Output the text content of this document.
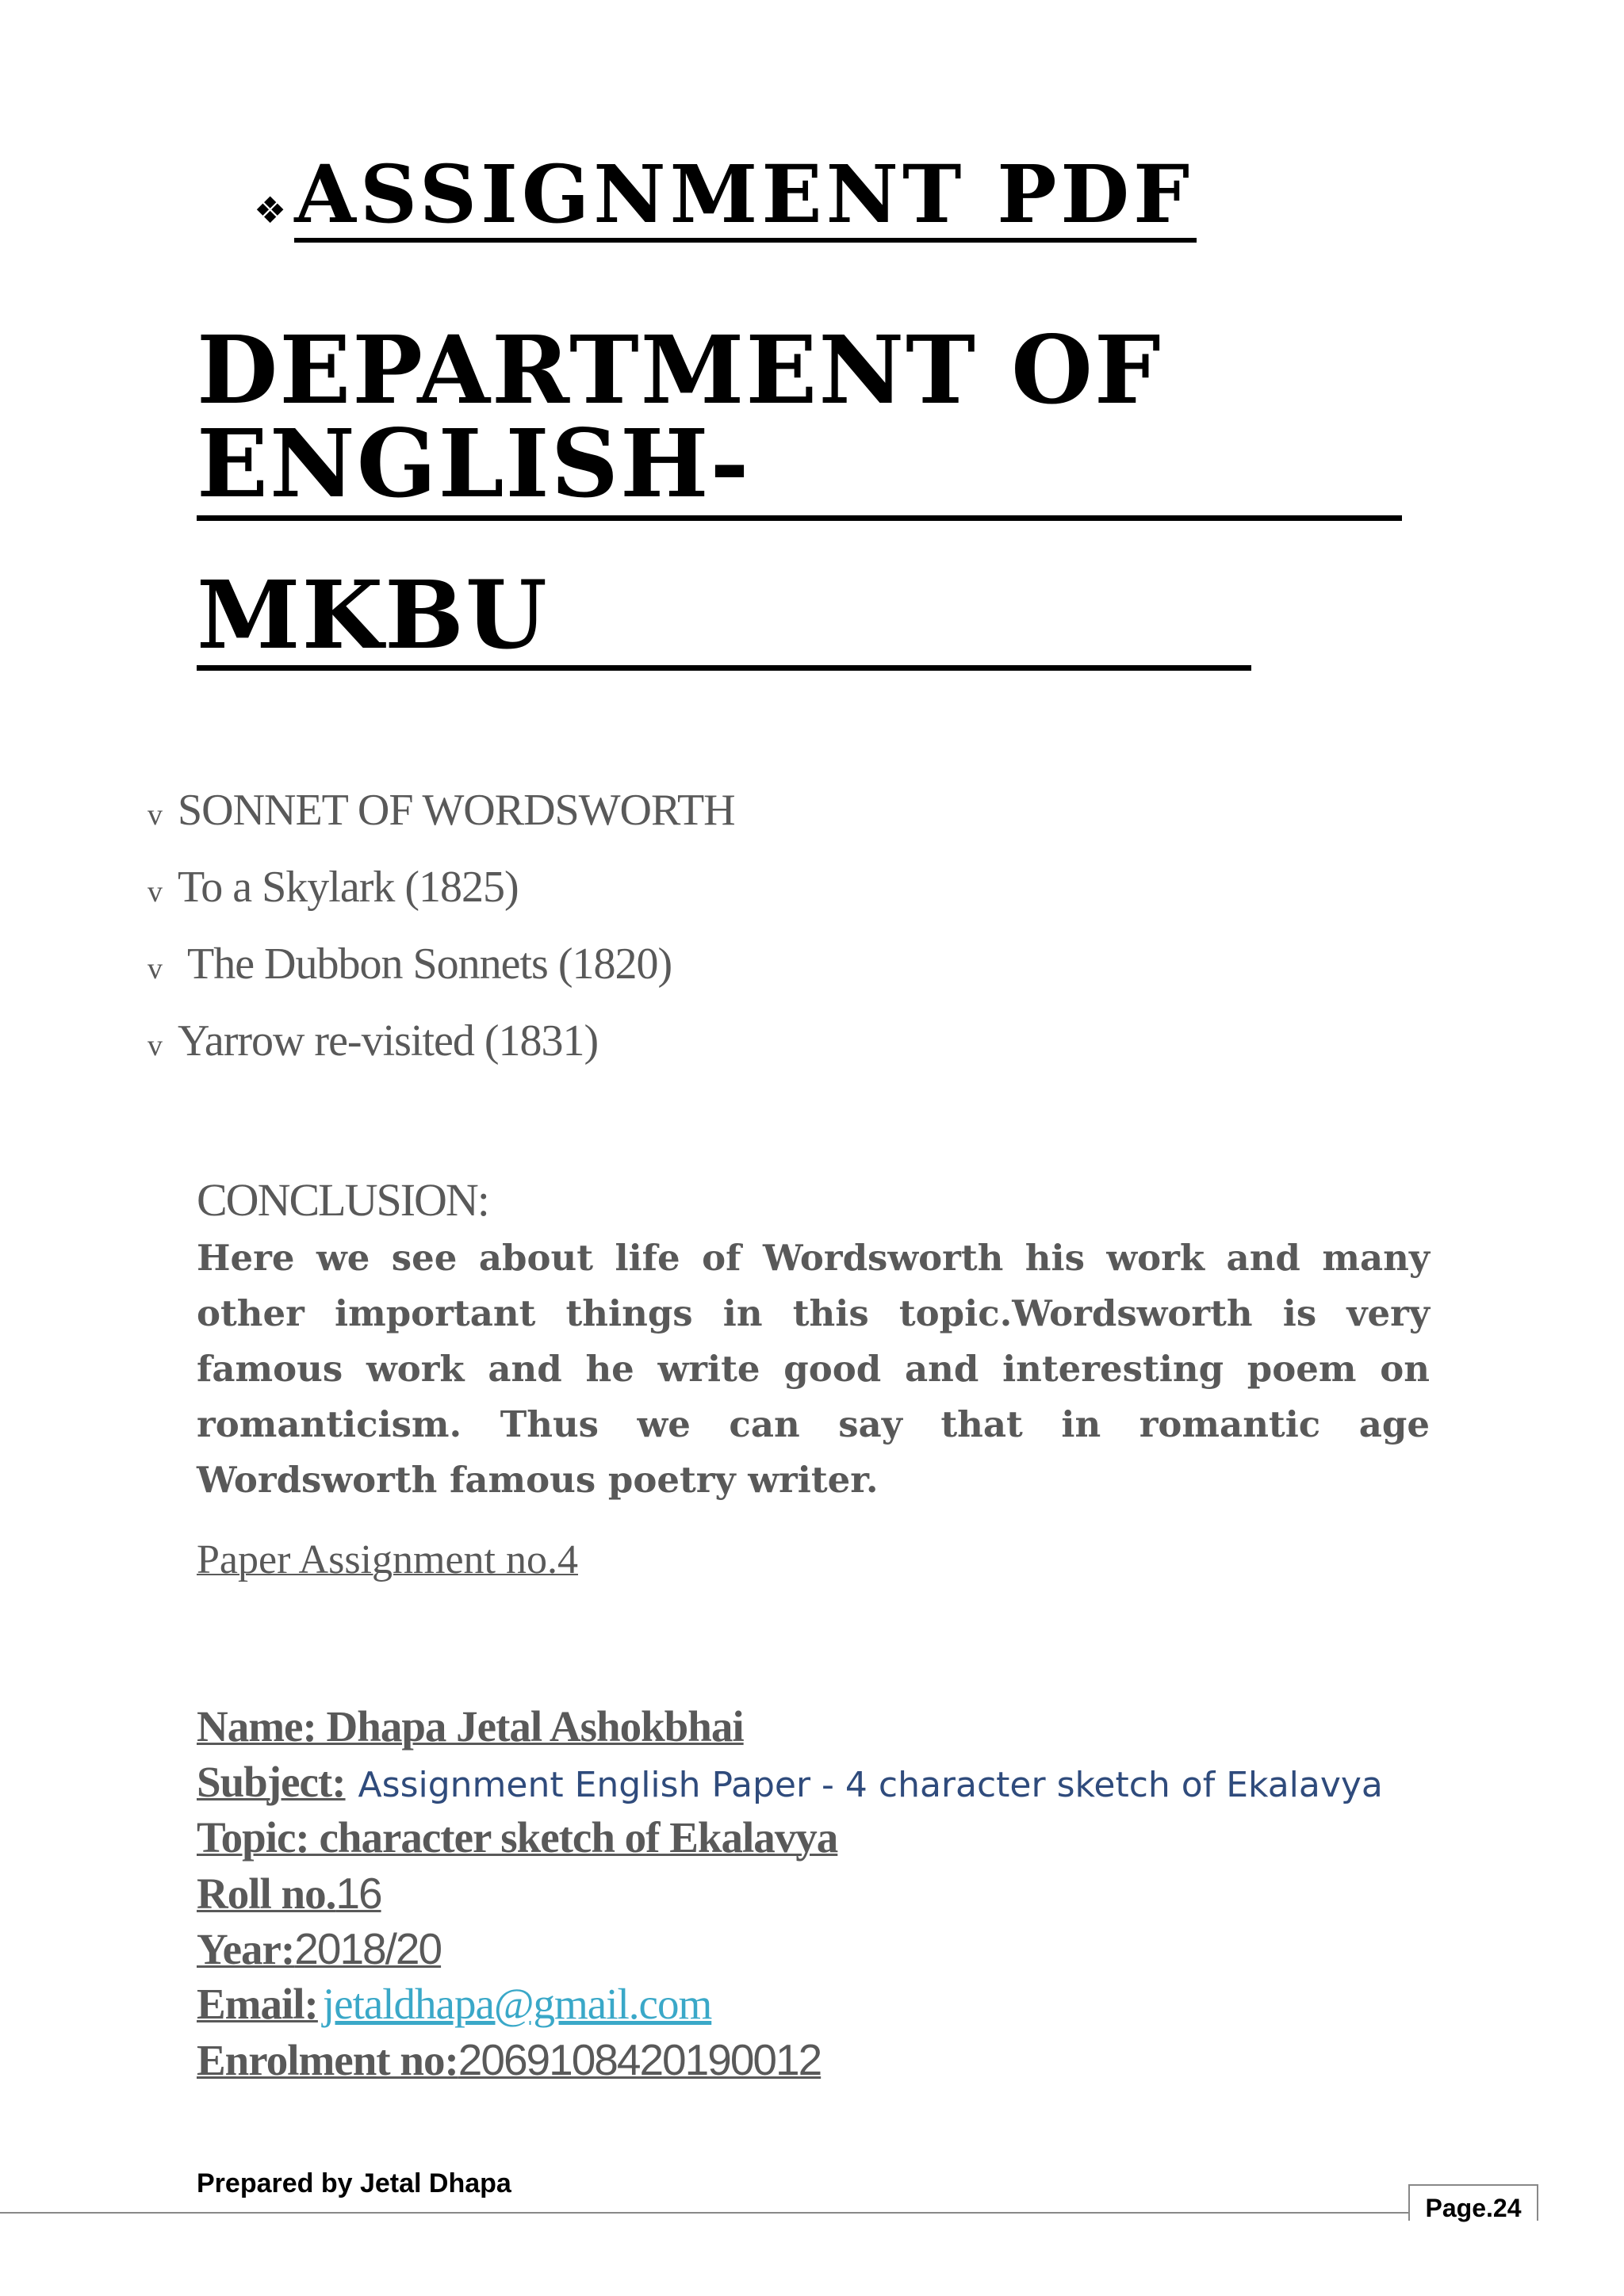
❖ ASSIGNMENT PDF
DEPARTMENT OF ENGLISH-
MKBU
v SONNET OF WORDSWORTH
v To a Skylark (1825)
v The Dubbon Sonnets (1820)
v Yarrow re-visited (1831)
CONCLUSION:
Here we see about life of Wordsworth his work and many other important things in this topic.Wordsworth is very famous work and he write good and interesting poem on romanticism. Thus we can say that in romantic age Wordsworth famous poetry writer.
Paper Assignment no.4
Name: Dhapa Jetal Ashokbhai
Subject: Assignment English Paper - 4 character sketch of Ekalavya
Topic: character sketch of Ekalavya
Roll no. 16
Year: 2018/20
Email: jetaldhapa@gmail.com
Enrolment no: 2069108420190012
Prepared by Jetal Dhapa
Page.24
